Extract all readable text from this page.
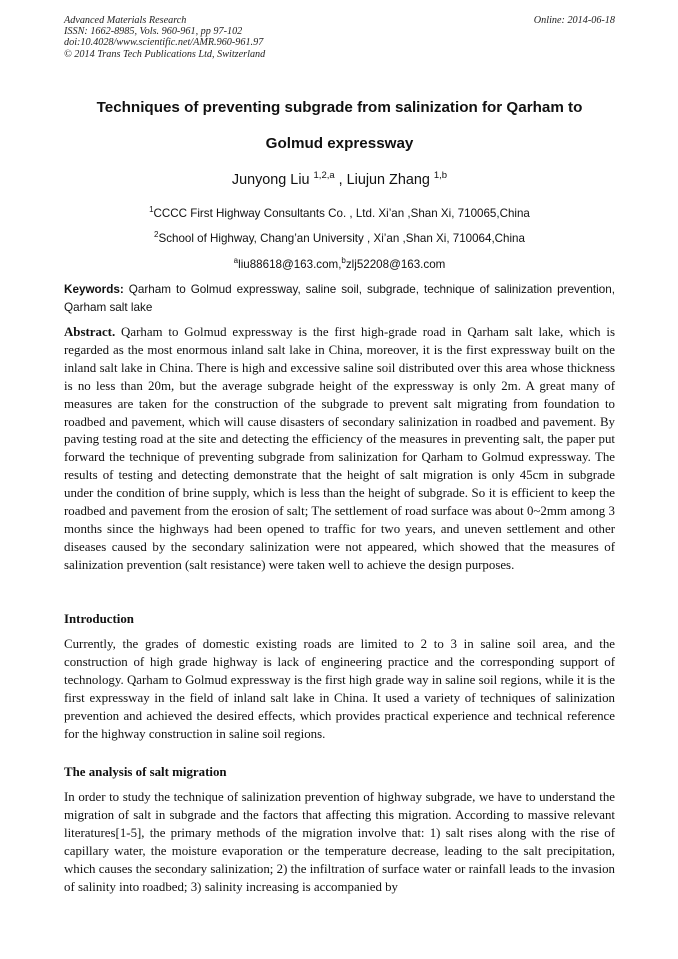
Advanced Materials Research
ISSN: 1662-8985, Vols. 960-961, pp 97-102
doi:10.4028/www.scientific.net/AMR.960-961.97
© 2014 Trans Tech Publications Ltd, Switzerland
Online: 2014-06-18
Techniques of preventing subgrade from salinization for Qarham to
Golmud expressway
Junyong Liu $^{1,2,a}$ , Liujun Zhang $^{1,b}$
$^1$CCCC First Highway Consultants Co. , Ltd. Xi’an ,Shan Xi, 710065,China
$^2$School of Highway, Chang’an University , Xi’an ,Shan Xi, 710064,China
$^a$liu88618@163.com,$^b$zlj52208@163.com
Keywords: Qarham to Golmud expressway, saline soil, subgrade, technique of salinization prevention, Qarham salt lake
Abstract. Qarham to Golmud expressway is the first high-grade road in Qarham salt lake, which is regarded as the most enormous inland salt lake in China, moreover, it is the first expressway built on the inland salt lake in China. There is high and excessive saline soil distributed over this area whose thickness is no less than 20m, but the average subgrade height of the expressway is only 2m. A great many of measures are taken for the construction of the subgrade to prevent salt migrating from foundation to roadbed and pavement, which will cause disasters of secondary salinization in roadbed and pavement. By paving testing road at the site and detecting the efficiency of the measures in preventing salt, the paper put forward the technique of preventing subgrade from salinization for Qarham to Golmud expressway. The results of testing and detecting demonstrate that the height of salt migration is only 45cm in subgrade under the condition of brine supply, which is less than the height of subgrade. So it is efficient to keep the roadbed and pavement from the erosion of salt; The settlement of road surface was about 0~2mm among 3 months since the highways had been opened to traffic for two years, and uneven settlement and other diseases caused by the secondary salinization were not appeared, which showed that the measures of salinization prevention (salt resistance) were taken well to achieve the design purposes.
Introduction
Currently, the grades of domestic existing roads are limited to 2 to 3 in saline soil area, and the construction of high grade highway is lack of engineering practice and the corresponding support of technology. Qarham to Golmud expressway is the first high grade way in saline soil regions, while it is the first expressway in the field of inland salt lake in China. It used a variety of techniques of salinization prevention and achieved the desired effects, which provides practical experience and technical reference for the highway construction in saline soil regions.
The analysis of salt migration
In order to study the technique of salinization prevention of highway subgrade, we have to understand the migration of salt in subgrade and the factors that affecting this migration. According to massive relevant literatures[1-5], the primary methods of the migration involve that: 1) salt rises along with the rise of capillary water, the moisture evaporation or the temperature decrease, leading to the salt precipitation, which causes the secondary salinization; 2) the infiltration of surface water or rainfall leads to the invasion of salinity into roadbed; 3) salinity increasing is accompanied by
